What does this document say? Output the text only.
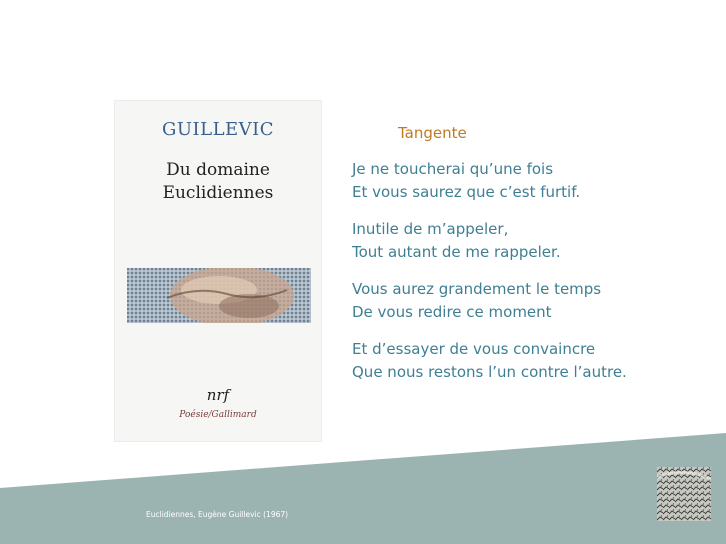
GUILLEVIC
Du domaine
Euclidiennes
nrf
Poésie/Gallimard
Tangente
Je ne toucherai qu’une fois
Et vous saurez que c’est furtif.
Inutile de m’appeler,
Tout autant de me rappeler.
Vous aurez grandement le temps
De vous redire ce moment
Et d’essayer de vous convaincre
Que nous restons l’un contre l’autre.
Euclidiennes, Eugène Guillevic (1967)
